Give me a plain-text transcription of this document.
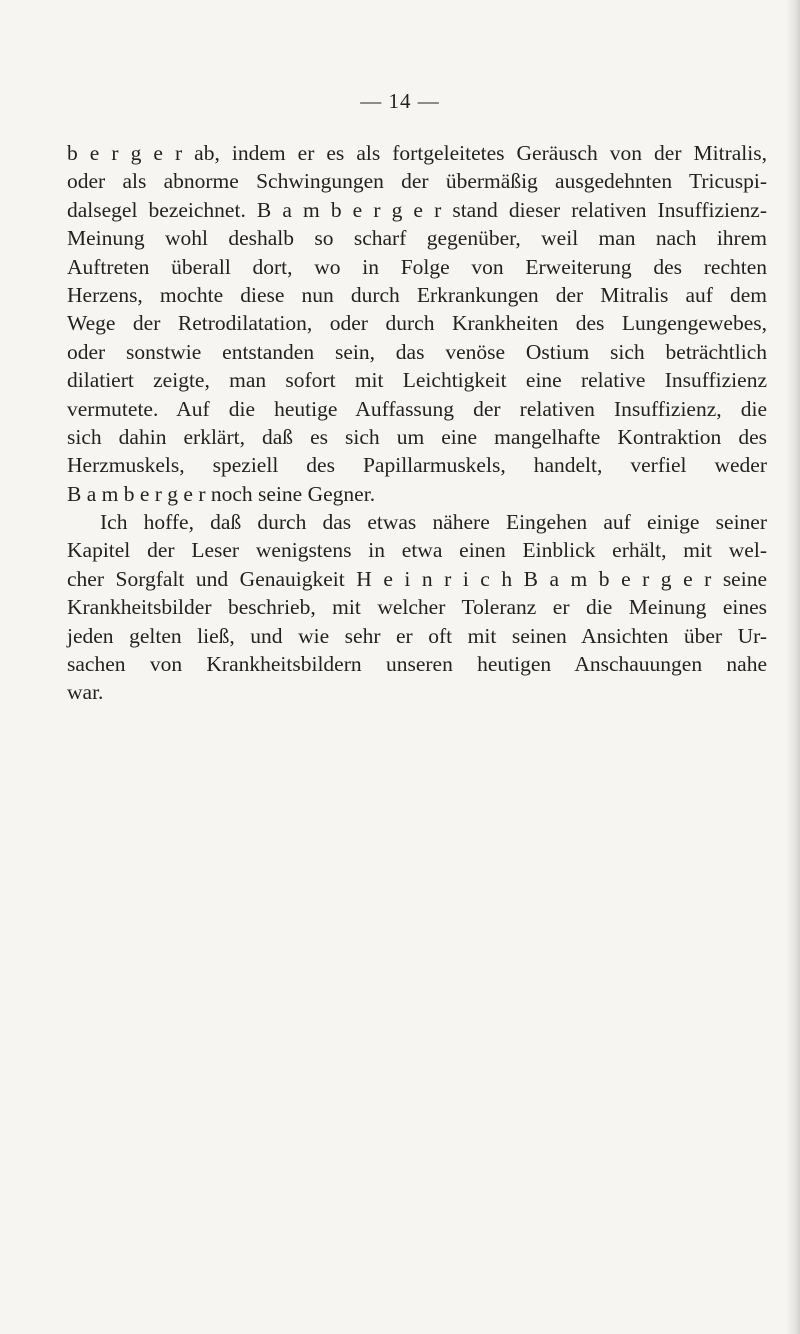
— 14 —
b e r g e r ab, indem er es als fortgeleitetes Geräusch von der Mitralis,
oder als abnorme Schwingungen der übermäßig ausgedehnten Tricuspi-
dalsegel bezeichnet. B a m b e r g e r stand dieser relativen Insuffizienz-
Meinung wohl deshalb so scharf gegenüber, weil man nach ihrem
Auftreten überall dort, wo in Folge von Erweiterung des rechten
Herzens, mochte diese nun durch Erkrankungen der Mitralis auf dem
Wege der Retrodilatation, oder durch Krankheiten des Lungengewebes,
oder sonstwie entstanden sein, das venöse Ostium sich beträchtlich
dilatiert zeigte, man sofort mit Leichtigkeit eine relative Insuffizienz
vermutete. Auf die heutige Auffassung der relativen Insuffizienz, die
sich dahin erklärt, daß es sich um eine mangelhafte Kontraktion des
Herzmuskels, speziell des Papillarmuskels, handelt, verfiel weder
B a m b e r g e r noch seine Gegner.
Ich hoffe, daß durch das etwas nähere Eingehen auf einige seiner
Kapitel der Leser wenigstens in etwa einen Einblick erhält, mit wel-
cher Sorgfalt und Genauigkeit H e i n r i c h B a m b e r g e r seine
Krankheitsbilder beschrieb, mit welcher Toleranz er die Meinung eines
jeden gelten ließ, und wie sehr er oft mit seinen Ansichten über Ur-
sachen von Krankheitsbildern unseren heutigen Anschauungen nahe
war.
